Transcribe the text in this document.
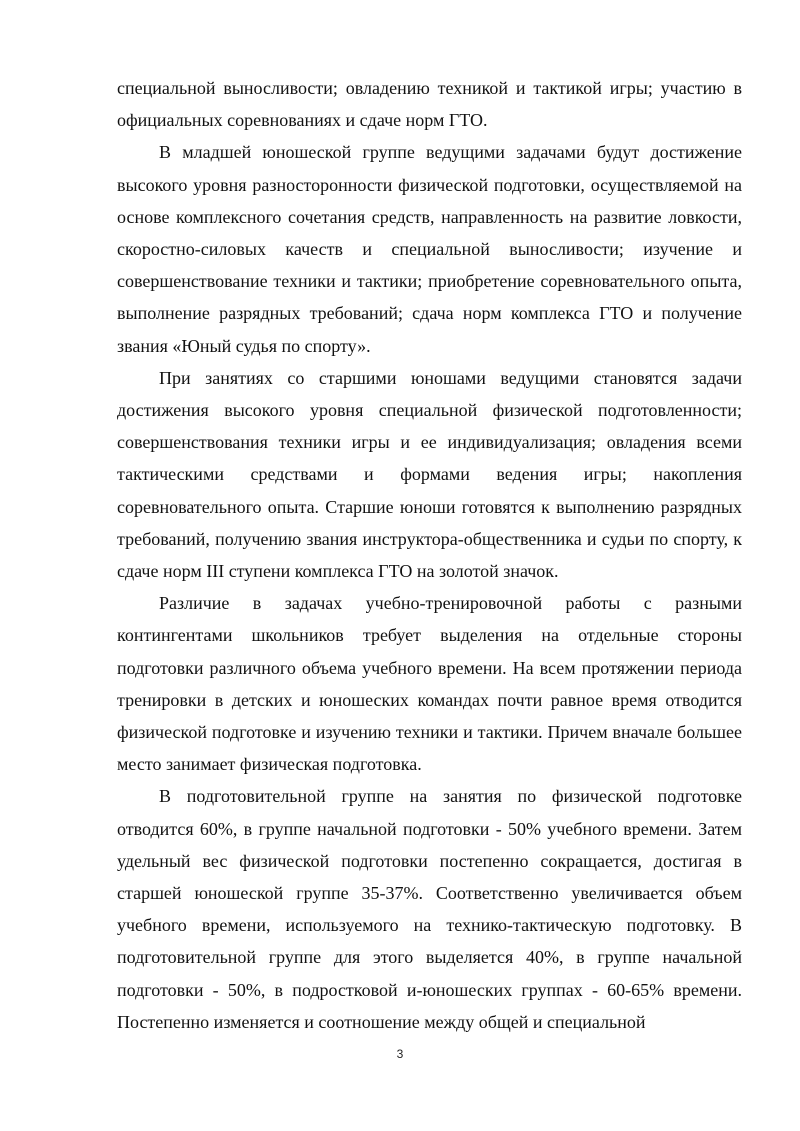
специальной выносливости; овладению техникой и тактикой игры; участию в официальных соревнованиях и сдаче норм ГТО.

В младшей юношеской группе ведущими задачами будут достижение высокого уровня разносторонности физической подготовки, осуществляемой на основе комплексного сочетания средств, направленность на развитие ловкости, скоростно-силовых качеств и специальной выносливости; изучение и совершенствование техники и тактики; приобретение соревновательного опыта, выполнение разрядных требований; сдача норм комплекса ГТО и получение звания «Юный судья по спорту».

При занятиях со старшими юношами ведущими становятся задачи достижения высокого уровня специальной физической подготовленности; совершенствования техники игры и ее индивидуализация; овладения всеми тактическими средствами и формами ведения игры; накопления соревновательного опыта. Старшие юноши готовятся к выполнению разрядных требований, получению звания инструктора-общественника и судьи по спорту, к сдаче норм III ступени комплекса ГТО на золотой значок.

Различие в задачах учебно-тренировочной работы с разными контингентами школьников требует выделения на отдельные стороны подготовки различного объема учебного времени. На всем протяжении периода тренировки в детских и юношеских командах почти равное время отводится физической подготовке и изучению техники и тактики. Причем вначале большее место занимает физическая подготовка.

В подготовительной группе на занятия по физической подготовке отводится 60%, в группе начальной подготовки - 50% учебного времени. Затем удельный вес физической подготовки постепенно сокращается, достигая в старшей юношеской группе 35-37%. Соответственно увеличивается объем учебного времени, используемого на технико-тактическую подготовку. В подготовительной группе для этого выделяется 40%, в группе начальной подготовки - 50%, в подростковой и-юношеских группах - 60-65% времени. Постепенно изменяется и соотношение между общей и специальной

3
